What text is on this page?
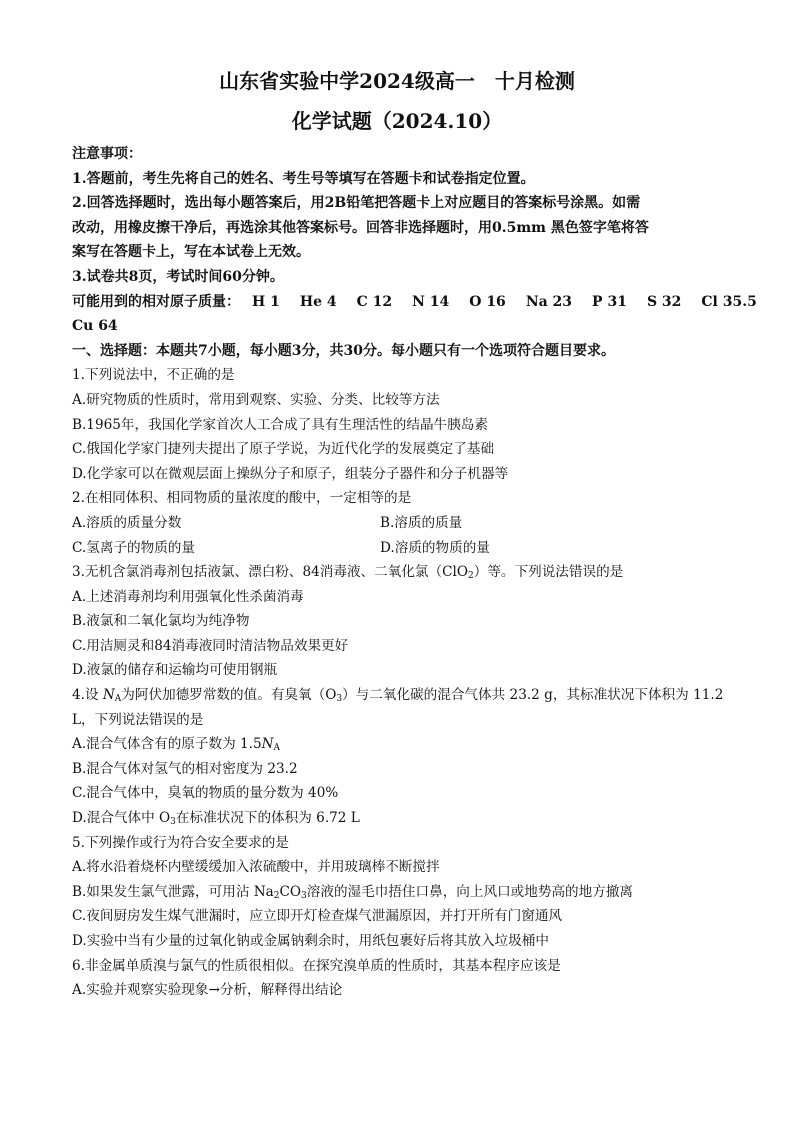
山东省实验中学2024级高一　十月检测
化学试题（2024.10）
注意事项：
1.答题前，考生先将自己的姓名、考生号等填写在答题卡和试卷指定位置。
2.回答选择题时，选出每小题答案后，用2B铅笔把答题卡上对应题目的答案标号涂黑。如需
改动，用橡皮擦干净后，再选涂其他答案标号。回答非选择题时，用0.5mm 黑色签字笔将答
案写在答题卡上，写在本试卷上无效。
3.试卷共8页，考试时间60分钟。
可能用到的相对原子质量： H 1 He 4 C 12 N 14 O 16 Na 23 P 31 S 32 Cl 35.5
Cu 64
一、选择题：本题共7小题，每小题3分，共30分。每小题只有一个选项符合题目要求。
1.下列说法中，不正确的是
A.研究物质的性质时，常用到观察、实验、分类、比较等方法
B.1965年，我国化学家首次人工合成了具有生理活性的结晶牛胰岛素
C.俄国化学家门捷列夫提出了原子学说，为近代化学的发展奠定了基础
D.化学家可以在微观层面上操纵分子和原子，组装分子器件和分子机器等
2.在相同体积、相同物质的量浓度的酸中，一定相等的是
A.溶质的质量分数	B.溶质的质量
C.氢离子的物质的量	D.溶质的物质的量
3.无机含氯消毒剂包括液氯、漂白粉、84消毒液、二氧化氯（ClO$_2$）等。下列说法错误的是
A.上述消毒剂均利用强氧化性杀菌消毒
B.液氯和二氧化氯均为纯净物
C.用洁厕灵和84消毒液同时清洁物品效果更好
D.液氯的储存和运输均可使用钢瓶
4.设 $N_A$为阿伏加德罗常数的值。有臭氧$(O_3)$与二氧化碳的混合气体共 23.2 g，其标准状况下体积为 11.2
L，下列说法错误的是
A.混合气体含有的原子数为 $1.5N_A$
B.混合气体对氢气的相对密度为 23.2
C.混合气体中，臭氧的物质的量分数为 40%
D.混合气体中 $O_3$在标准状况下的体积为 6.72 L
5.下列操作或行为符合安全要求的是
A.将水沿着烧杯内壁缓缓加入浓硫酸中，并用玻璃棒不断搅拌
B.如果发生氯气泄露，可用沾 $Na_2CO_3$溶液的湿毛巾捂住口鼻，向上风口或地势高的地方撤离
C.夜间厨房发生煤气泄漏时，应立即开灯检查煤气泄漏原因，并打开所有门窗通风
D.实验中当有少量的过氧化钠或金属钠剩余时，用纸包裹好后将其放入垃圾桶中
6.非金属单质溴与氯气的性质很相似。在探究溴单质的性质时，其基本程序应该是
A.实验并观察实验现象→分析，解释得出结论
